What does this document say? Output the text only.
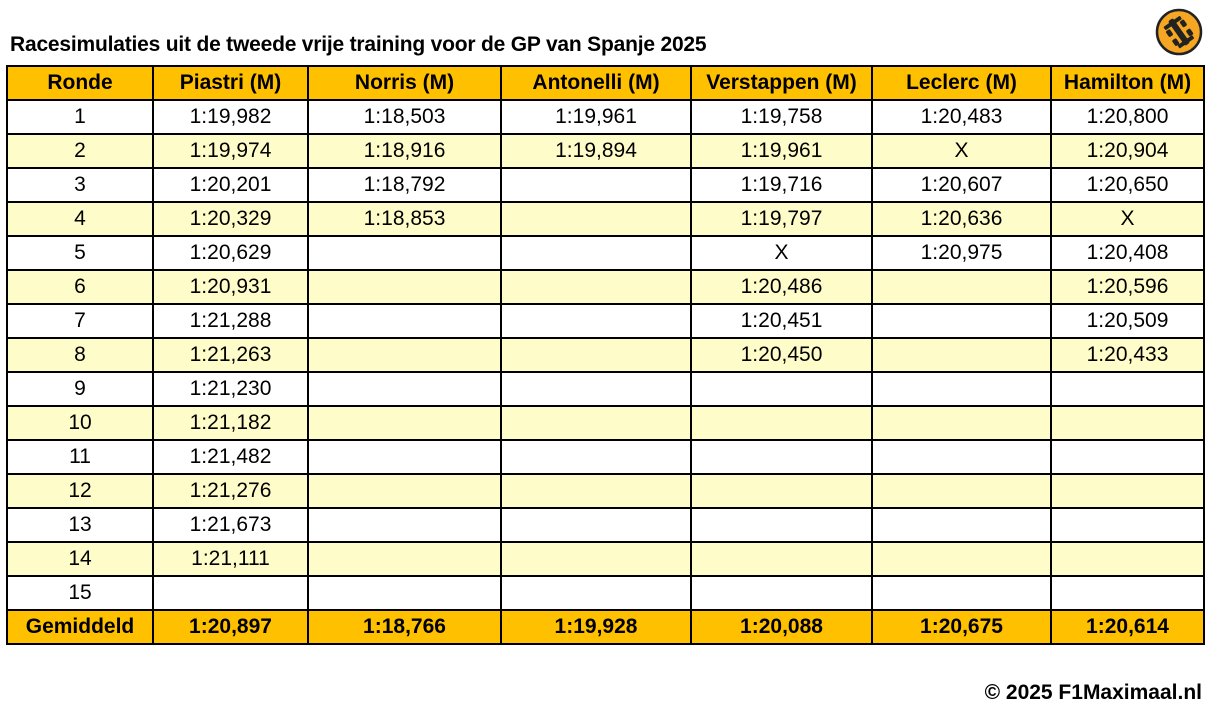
Racesimulaties uit de tweede vrije training voor de GP van Spanje 2025
Ronde	Piastri (M)	Norris (M)	Antonelli (M)	Verstappen (M)	Leclerc (M)	Hamilton (M)
1	1:19,982	1:18,503	1:19,961	1:19,758	1:20,483	1:20,800
2	1:19,974	1:18,916	1:19,894	1:19,961	X	1:20,904
3	1:20,201	1:18,792		1:19,716	1:20,607	1:20,650
4	1:20,329	1:18,853		1:19,797	1:20,636	X
5	1:20,629			X	1:20,975	1:20,408
6	1:20,931			1:20,486		1:20,596
7	1:21,288			1:20,451		1:20,509
8	1:21,263			1:20,450		1:20,433
9	1:21,230					
10	1:21,182					
11	1:21,482					
12	1:21,276					
13	1:21,673					
14	1:21,111					
15						
Gemiddeld	1:20,897	1:18,766	1:19,928	1:20,088	1:20,675	1:20,614
© 2025 F1Maximaal.nl
